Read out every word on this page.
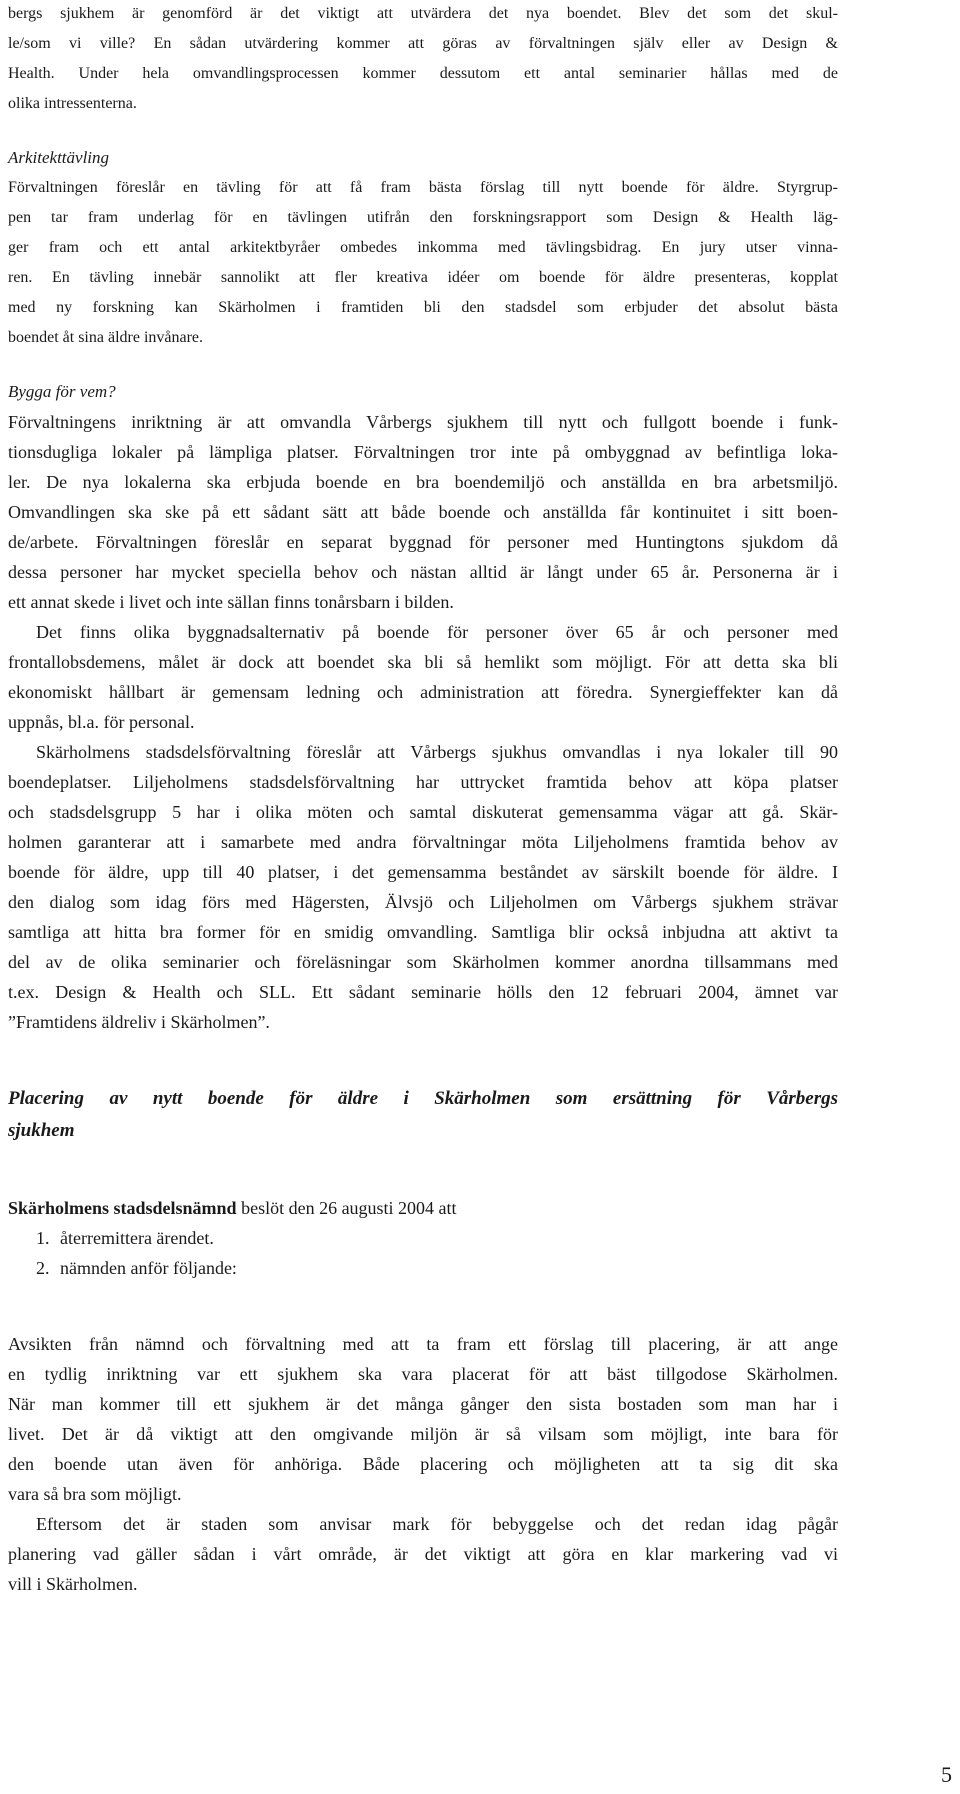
bergs sjukhem är genomförd är det viktigt att utvärdera det nya boendet. Blev det som det skul-
le/som vi ville? En sådan utvärdering kommer att göras av förvaltningen själv eller av Design &
Health. Under hela omvandlingsprocessen kommer dessutom ett antal seminarier hållas med de
olika intressenterna.
Arkitekttävling
Förvaltningen föreslår en tävling för att få fram bästa förslag till nytt boende för äldre. Styrgrup-
pen tar fram underlag för en tävlingen utifrån den forskningsrapport som Design & Health läg-
ger fram och ett antal arkitektbyråer ombedes inkomma med tävlingsbidrag. En jury utser vinna-
ren. En tävling innebär sannolikt att fler kreativa idéer om boende för äldre presenteras, kopplat
med ny forskning kan Skärholmen i framtiden bli den stadsdel som erbjuder det absolut bästa
boendet åt sina äldre invånare.
Bygga för vem?
Förvaltningens inriktning är att omvandla Vårbergs sjukhem till nytt och fullgott boende i funk-
tionsdugliga lokaler på lämpliga platser. Förvaltningen tror inte på ombyggnad av befintliga loka-
ler. De nya lokalerna ska erbjuda boende en bra boendemiljö och anställda en bra arbetsmiljö.
Omvandlingen ska ske på ett sådant sätt att både boende och anställda får kontinuitet i sitt boen-
de/arbete. Förvaltningen föreslår en separat byggnad för personer med Huntingtons sjukdom då
dessa personer har mycket speciella behov och nästan alltid är långt under 65 år. Personerna är i
ett annat skede i livet och inte sällan finns tonårsbarn i bilden.
Det finns olika byggnadsalternativ på boende för personer över 65 år och personer med
frontallobsdemens, målet är dock att boendet ska bli så hemlikt som möjligt. För att detta ska bli
ekonomiskt hållbart är gemensam ledning och administration att föredra. Synergieffekter kan då
uppnås, bl.a. för personal.
Skärholmens stadsdelsförvaltning föreslår att Vårbergs sjukhus omvandlas i nya lokaler till 90
boendeplatser. Liljeholmens stadsdelsförvaltning har uttrycket framtida behov att köpa platser
och stadsdelsgrupp 5 har i olika möten och samtal diskuterat gemensamma vägar att gå. Skär-
holmen garanterar att i samarbete med andra förvaltningar möta Liljeholmens framtida behov av
boende för äldre, upp till 40 platser, i det gemensamma beståndet av särskilt boende för äldre. I
den dialog som idag förs med Hägersten, Älvsjö och Liljeholmen om Vårbergs sjukhem strävar
samtliga att hitta bra former för en smidig omvandling. Samtliga blir också inbjudna att aktivt ta
del av de olika seminarier och föreläsningar som Skärholmen kommer anordna tillsammans med
t.ex. Design & Health och SLL. Ett sådant seminarie hölls den 12 februari 2004, ämnet var
”Framtidens äldreliv i Skärholmen”.
Placering av nytt boende för äldre i Skärholmen som ersättning för Vårbergs
sjukhem
Skärholmens stadsdelsnämnd beslöt den 26 augusti 2004 att
1. återremittera ärendet.
2. nämnden anför följande:
Avsikten från nämnd och förvaltning med att ta fram ett förslag till placering, är att ange
en tydlig inriktning var ett sjukhem ska vara placerat för att bäst tillgodose Skärholmen.
När man kommer till ett sjukhem är det många gånger den sista bostaden som man har i
livet. Det är då viktigt att den omgivande miljön är så vilsam som möjligt, inte bara för
den boende utan även för anhöriga. Både placering och möjligheten att ta sig dit ska
vara så bra som möjligt.
Eftersom det är staden som anvisar mark för bebyggelse och det redan idag pågår
planering vad gäller sådan i vårt område, är det viktigt att göra en klar markering vad vi
vill i Skärholmen.
5
